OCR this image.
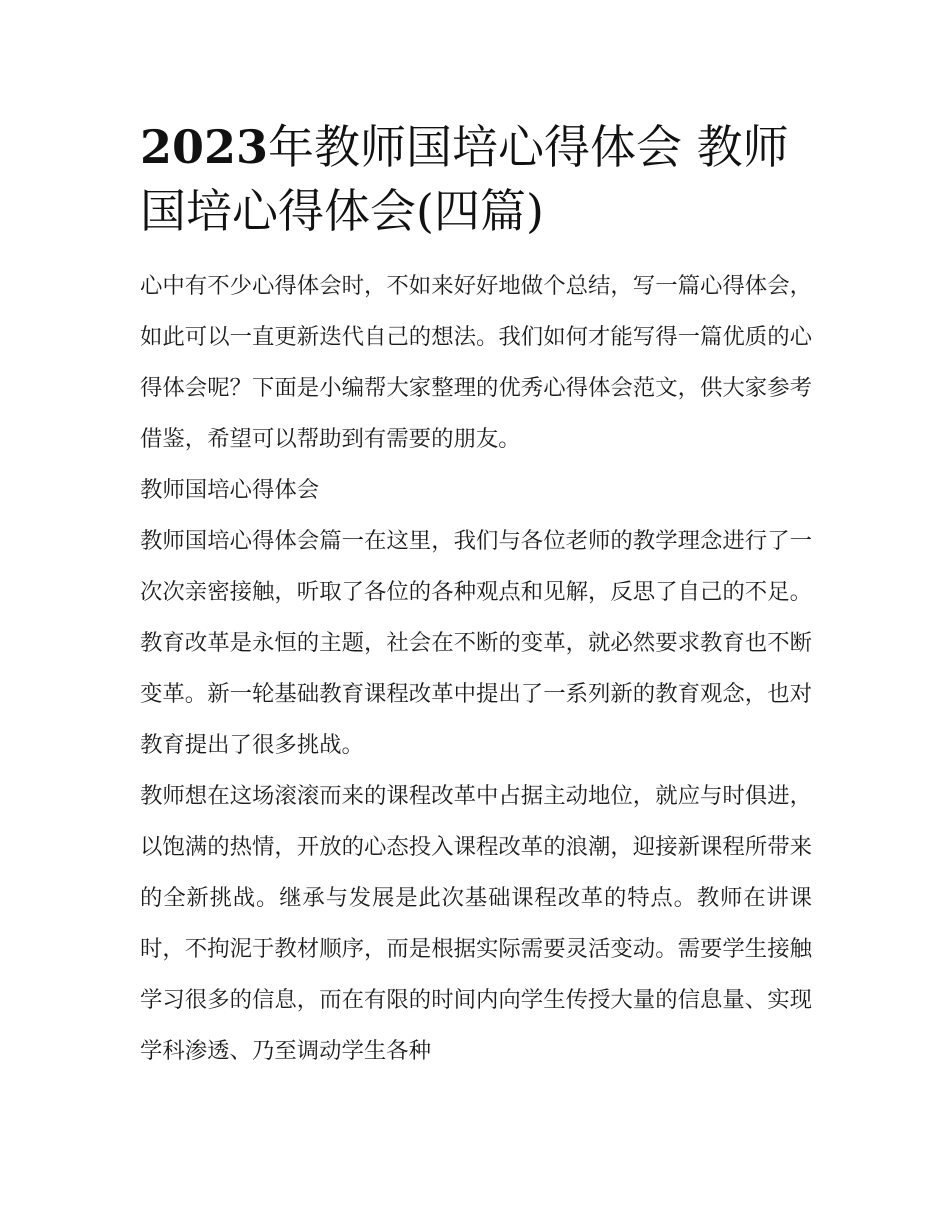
2023年教师国培心得体会 教师国培心得体会(四篇)

心中有不少心得体会时，不如来好好地做个总结，写一篇心得体会，如此可以一直更新迭代自己的想法。我们如何才能写得一篇优质的心得体会呢？下面是小编帮大家整理的优秀心得体会范文，供大家参考借鉴，希望可以帮助到有需要的朋友。

教师国培心得体会

教师国培心得体会篇一在这里，我们与各位老师的教学理念进行了一次次亲密接触，听取了各位的各种观点和见解，反思了自己的不足。教育改革是永恒的主题，社会在不断的变革，就必然要求教育也不断变革。新一轮基础教育课程改革中提出了一系列新的教育观念，也对教育提出了很多挑战。

教师想在这场滚滚而来的课程改革中占据主动地位，就应与时俱进，以饱满的热情，开放的心态投入课程改革的浪潮，迎接新课程所带来的全新挑战。继承与发展是此次基础课程改革的特点。教师在讲课时，不拘泥于教材顺序，而是根据实际需要灵活变动。需要学生接触学习很多的信息，而在有限的时间内向学生传授大量的信息量、实现学科渗透、乃至调动学生各种
